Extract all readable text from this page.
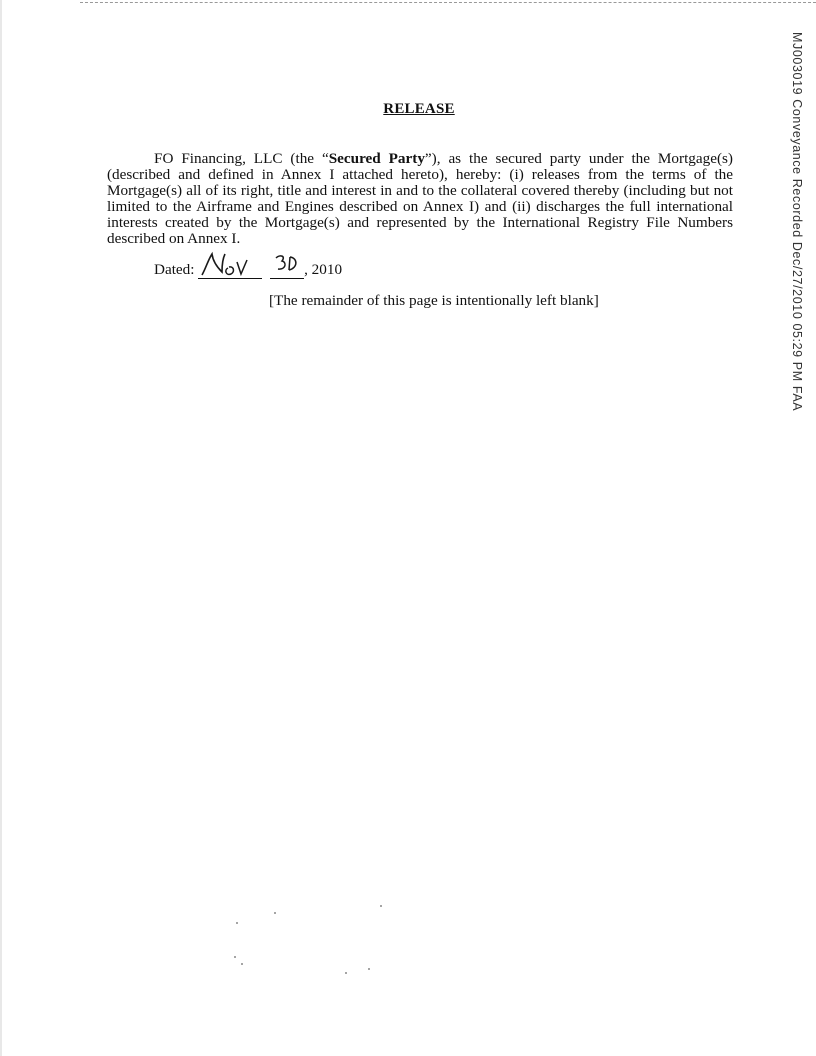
RELEASE

FO Financing, LLC (the “Secured Party”), as the secured party under the Mortgage(s) (described and defined in Annex I attached hereto), hereby: (i) releases from the terms of the Mortgage(s) all of its right, title and interest in and to the collateral covered thereby (including but not limited to the Airframe and Engines described on Annex I) and (ii) discharges the full international interests created by the Mortgage(s) and represented by the International Registry File Numbers described on Annex I.

Dated:
	, 2010
[The remainder of this page is intentionally left blank]	MJ003019 Conveyance Recorded Dec/27/2010 05:29 PM FAA
